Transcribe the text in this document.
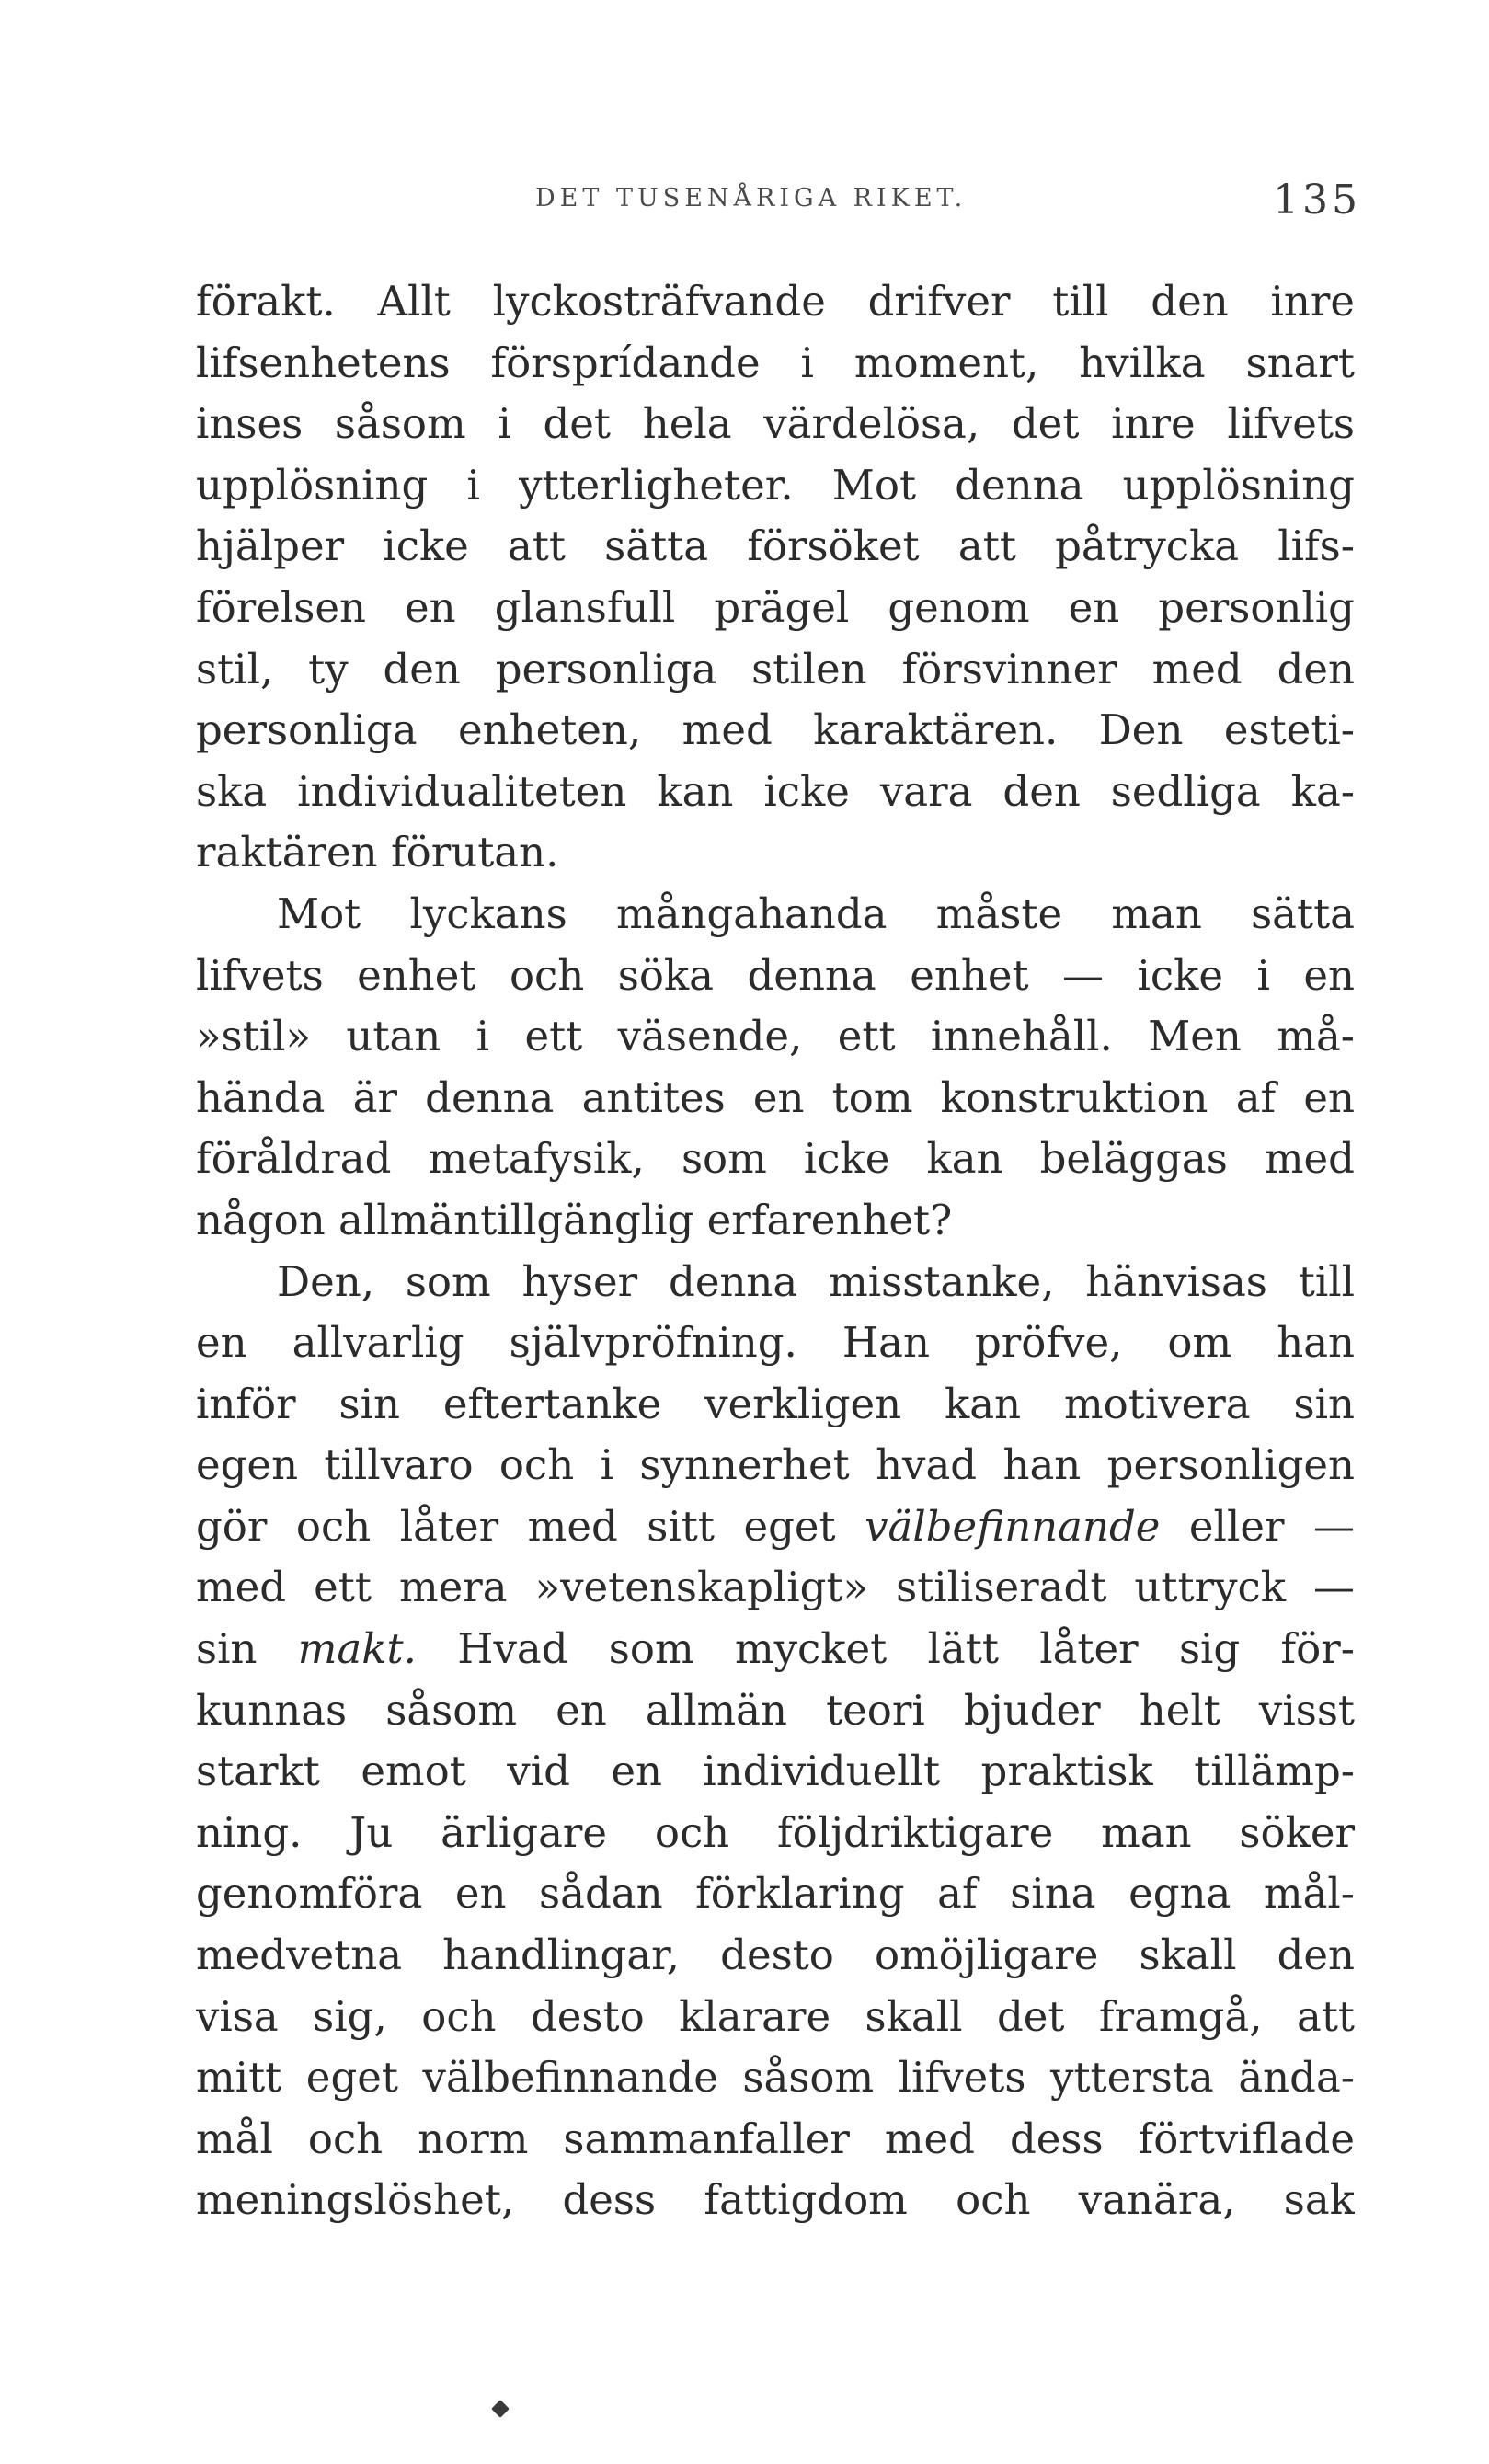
DET TUSENÅRIGA RIKET.	135
förakt. Allt lyckosträfvande drifver till den inre
lifsenhetens försprídande i moment, hvilka snart
inses såsom i det hela värdelösa, det inre lifvets
upplösning i ytterligheter. Mot denna upplösning
hjälper icke att sätta försöket att påtrycka lifs-
förelsen en glansfull prägel genom en personlig
stil, ty den personliga stilen försvinner med den
personliga enheten, med karaktären. Den esteti-
ska individualiteten kan icke vara den sedliga ka-
raktären förutan.
Mot lyckans mångahanda måste man sätta
lifvets enhet och söka denna enhet — icke i en
»stil» utan i ett väsende, ett innehåll. Men må-
hända är denna antites en tom konstruktion af en
föråldrad metafysik, som icke kan beläggas med
någon allmäntillgänglig erfarenhet?
Den, som hyser denna misstanke, hänvisas till
en allvarlig självpröfning. Han pröfve, om han
inför sin eftertanke verkligen kan motivera sin
egen tillvaro och i synnerhet hvad han personligen
gör och låter med sitt eget välbefinnande eller —
med ett mera »vetenskapligt» stiliseradt uttryck —
sin makt. Hvad som mycket lätt låter sig för-
kunnas såsom en allmän teori bjuder helt visst
starkt emot vid en individuellt praktisk tillämp-
ning. Ju ärligare och följdriktigare man söker
genomföra en sådan förklaring af sina egna mål-
medvetna handlingar, desto omöjligare skall den
visa sig, och desto klarare skall det framgå, att
mitt eget välbefinnande såsom lifvets yttersta ända-
mål och norm sammanfaller med dess förtviflade
meningslöshet, dess fattigdom och vanära, sak
